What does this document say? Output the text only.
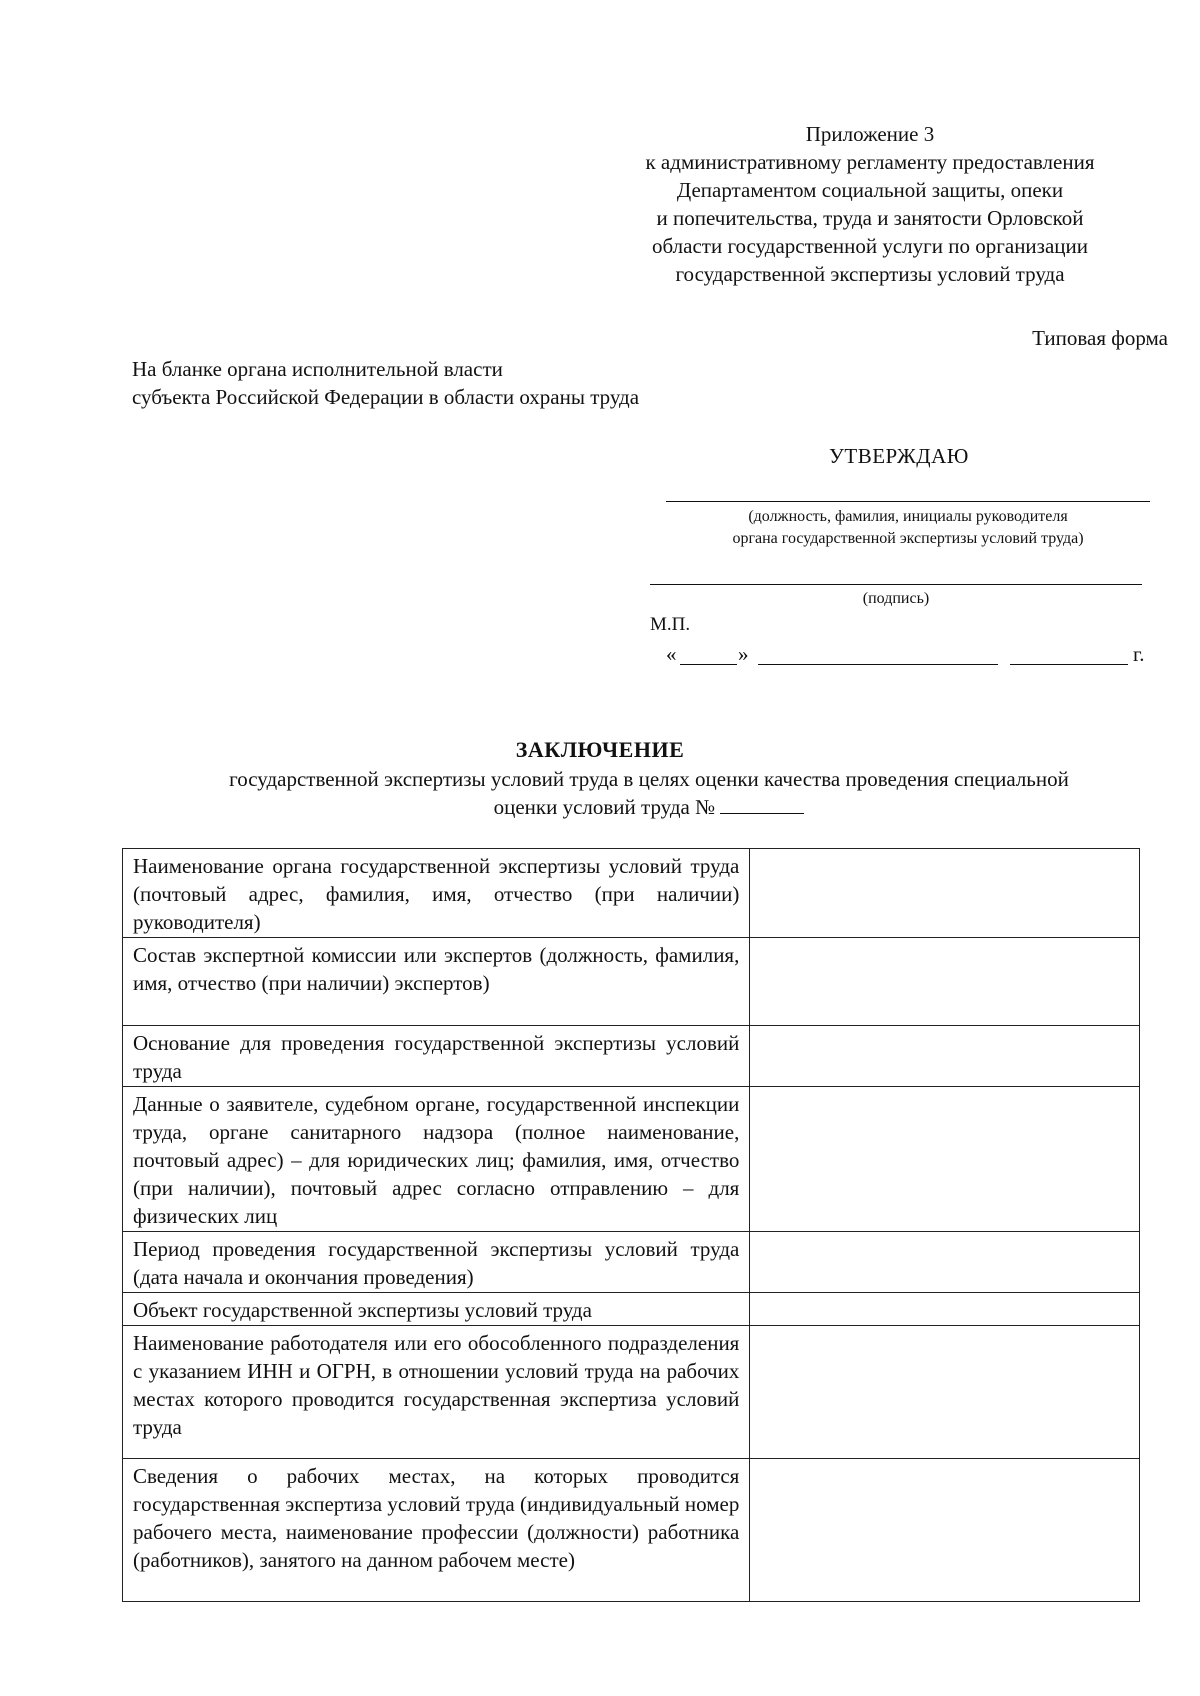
Приложение 3
к административному регламенту предоставления
Департаментом социальной защиты, опеки
и попечительства, труда и занятости Орловской
области государственной услуги по организации
государственной экспертизы условий труда
Типовая форма
На бланке органа исполнительной власти
субъекта Российской Федерации в области охраны труда
УТВЕРЖДАЮ
(должность, фамилия, инициалы руководителя
органа государственной экспертизы условий труда)
(подпись)
М.П.
«	»	г.
ЗАКЛЮЧЕНИЕ
государственной экспертизы условий труда в целях оценки качества проведения специальной
оценки условий труда №
Наименование органа государственной экспертизы условий труда (почтовый адрес, фамилия, имя, отчество (при наличии) руководителя)	
Состав экспертной комиссии или экспертов (должность, фамилия, имя, отчество (при наличии) экспертов)	
Основание для проведения государственной экспертизы условий труда	
Данные о заявителе, судебном органе, государственной инспекции труда, органе санитарного надзора (полное наименование, почтовый адрес) – для юридических лиц; фамилия, имя, отчество (при наличии), почтовый адрес согласно отправлению – для физических лиц	
Период проведения государственной экспертизы условий труда (дата начала и окончания проведения)	
Объект государственной экспертизы условий труда	
Наименование работодателя или его обособленного подразделения с указанием ИНН и ОГРН, в отношении условий труда на рабочих местах которого проводится государственная экспертиза условий труда	
Сведения о рабочих местах, на которых проводится государственная экспертиза условий труда (индивидуальный номер рабочего места, наименование профессии (должности) работника (работников), занятого на данном рабочем месте)	
